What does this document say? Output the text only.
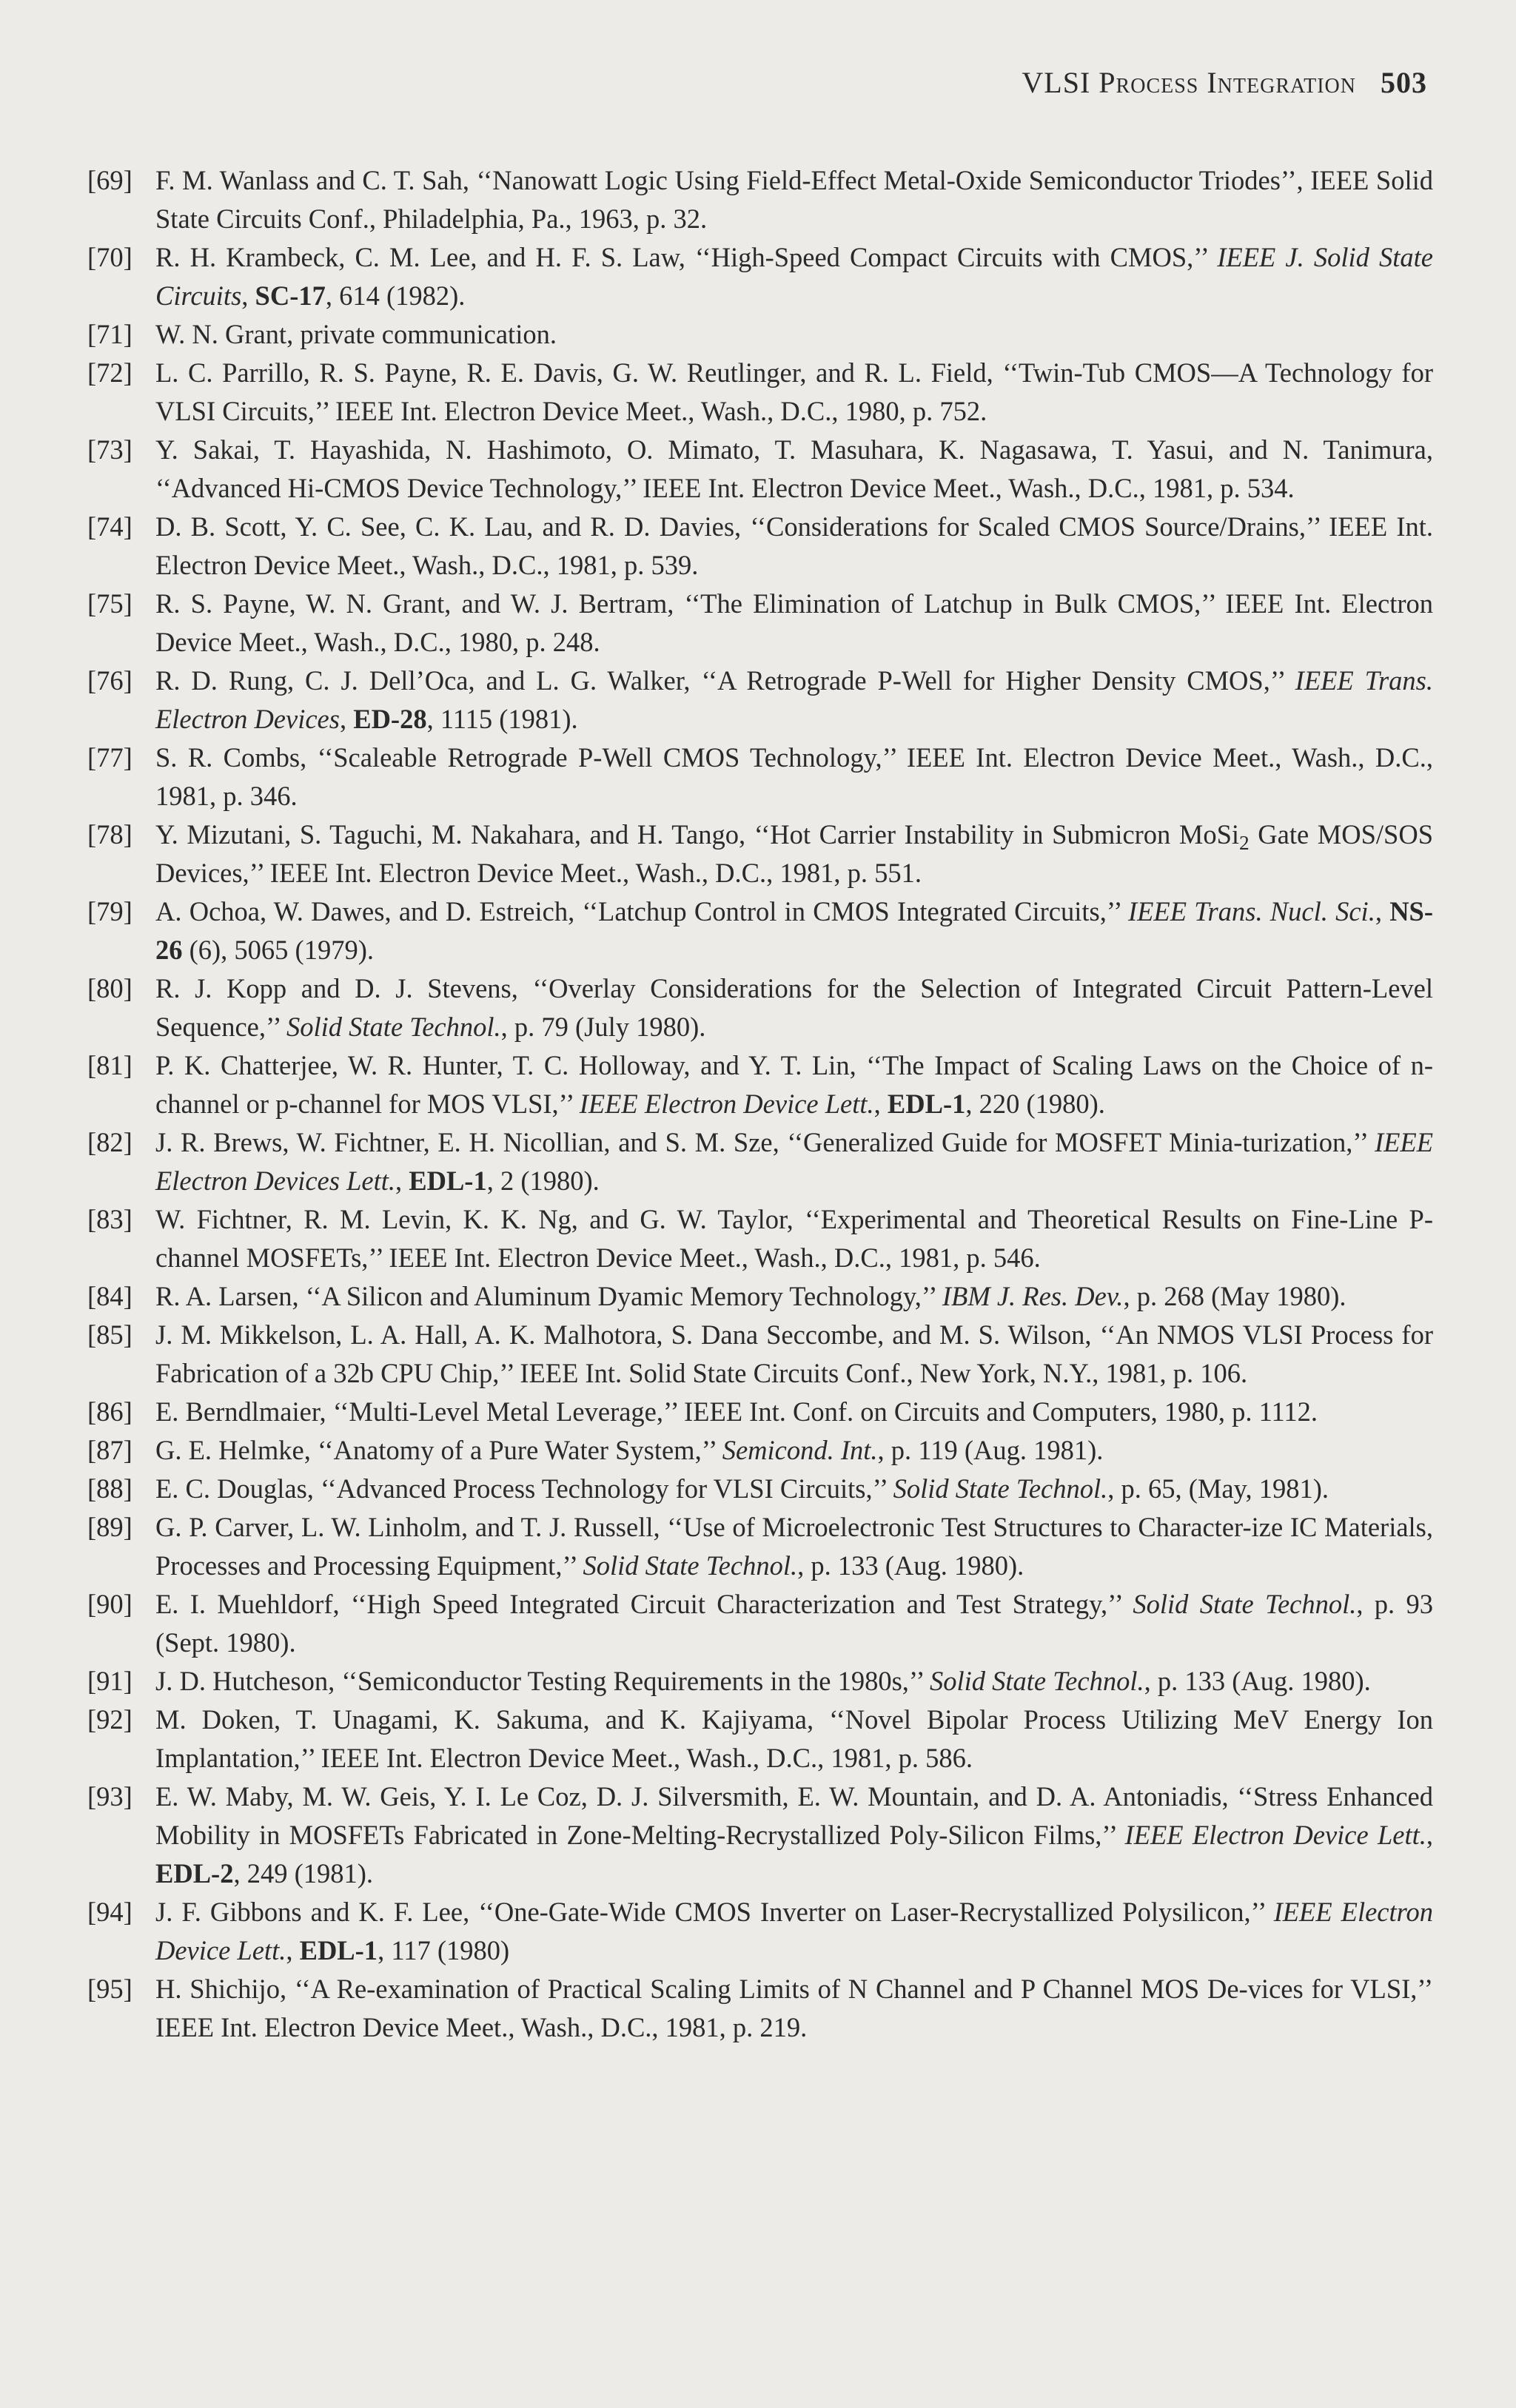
VLSI Process Integration 503
[69] F. M. Wanlass and C. T. Sah, ‘‘Nanowatt Logic Using Field-Effect Metal-Oxide Semiconductor Triodes’’, IEEE Solid State Circuits Conf., Philadelphia, Pa., 1963, p. 32.
[70] R. H. Krambeck, C. M. Lee, and H. F. S. Law, ‘‘High-Speed Compact Circuits with CMOS,’’ IEEE J. Solid State Circuits, SC-17, 614 (1982).
[71] W. N. Grant, private communication.
[72] L. C. Parrillo, R. S. Payne, R. E. Davis, G. W. Reutlinger, and R. L. Field, ‘‘Twin-Tub CMOS—A Technology for VLSI Circuits,’’ IEEE Int. Electron Device Meet., Wash., D.C., 1980, p. 752.
[73] Y. Sakai, T. Hayashida, N. Hashimoto, O. Mimato, T. Masuhara, K. Nagasawa, T. Yasui, and N. Tanimura, ‘‘Advanced Hi-CMOS Device Technology,’’ IEEE Int. Electron Device Meet., Wash., D.C., 1981, p. 534.
[74] D. B. Scott, Y. C. See, C. K. Lau, and R. D. Davies, ‘‘Considerations for Scaled CMOS Source/Drains,’’ IEEE Int. Electron Device Meet., Wash., D.C., 1981, p. 539.
[75] R. S. Payne, W. N. Grant, and W. J. Bertram, ‘‘The Elimination of Latchup in Bulk CMOS,’’ IEEE Int. Electron Device Meet., Wash., D.C., 1980, p. 248.
[76] R. D. Rung, C. J. Dell’Oca, and L. G. Walker, ‘‘A Retrograde P-Well for Higher Density CMOS,’’ IEEE Trans. Electron Devices, ED-28, 1115 (1981).
[77] S. R. Combs, ‘‘Scaleable Retrograde P-Well CMOS Technology,’’ IEEE Int. Electron Device Meet., Wash., D.C., 1981, p. 346.
[78] Y. Mizutani, S. Taguchi, M. Nakahara, and H. Tango, ‘‘Hot Carrier Instability in Submicron MoSi$_2$ Gate MOS/SOS Devices,’’ IEEE Int. Electron Device Meet., Wash., D.C., 1981, p. 551.
[79] A. Ochoa, W. Dawes, and D. Estreich, ‘‘Latchup Control in CMOS Integrated Circuits,’’ IEEE Trans. Nucl. Sci., NS-26 (6), 5065 (1979).
[80] R. J. Kopp and D. J. Stevens, ‘‘Overlay Considerations for the Selection of Integrated Circuit Pattern-Level Sequence,’’ Solid State Technol., p. 79 (July 1980).
[81] P. K. Chatterjee, W. R. Hunter, T. C. Holloway, and Y. T. Lin, ‘‘The Impact of Scaling Laws on the Choice of n-channel or p-channel for MOS VLSI,’’ IEEE Electron Device Lett., EDL-1, 220 (1980).
[82] J. R. Brews, W. Fichtner, E. H. Nicollian, and S. M. Sze, ‘‘Generalized Guide for MOSFET Minia-turization,’’ IEEE Electron Devices Lett., EDL-1, 2 (1980).
[83] W. Fichtner, R. M. Levin, K. K. Ng, and G. W. Taylor, ‘‘Experimental and Theoretical Results on Fine-Line P-channel MOSFETs,’’ IEEE Int. Electron Device Meet., Wash., D.C., 1981, p. 546.
[84] R. A. Larsen, ‘‘A Silicon and Aluminum Dyamic Memory Technology,’’ IBM J. Res. Dev., p. 268 (May 1980).
[85] J. M. Mikkelson, L. A. Hall, A. K. Malhotora, S. Dana Seccombe, and M. S. Wilson, ‘‘An NMOS VLSI Process for Fabrication of a 32b CPU Chip,’’ IEEE Int. Solid State Circuits Conf., New York, N.Y., 1981, p. 106.
[86] E. Berndlmaier, ‘‘Multi-Level Metal Leverage,’’ IEEE Int. Conf. on Circuits and Computers, 1980, p. 1112.
[87] G. E. Helmke, ‘‘Anatomy of a Pure Water System,’’ Semicond. Int., p. 119 (Aug. 1981).
[88] E. C. Douglas, ‘‘Advanced Process Technology for VLSI Circuits,’’ Solid State Technol., p. 65, (May, 1981).
[89] G. P. Carver, L. W. Linholm, and T. J. Russell, ‘‘Use of Microelectronic Test Structures to Character-ize IC Materials, Processes and Processing Equipment,’’ Solid State Technol., p. 133 (Aug. 1980).
[90] E. I. Muehldorf, ‘‘High Speed Integrated Circuit Characterization and Test Strategy,’’ Solid State Technol., p. 93 (Sept. 1980).
[91] J. D. Hutcheson, ‘‘Semiconductor Testing Requirements in the 1980s,’’ Solid State Technol., p. 133 (Aug. 1980).
[92] M. Doken, T. Unagami, K. Sakuma, and K. Kajiyama, ‘‘Novel Bipolar Process Utilizing MeV Energy Ion Implantation,’’ IEEE Int. Electron Device Meet., Wash., D.C., 1981, p. 586.
[93] E. W. Maby, M. W. Geis, Y. I. Le Coz, D. J. Silversmith, E. W. Mountain, and D. A. Antoniadis, ‘‘Stress Enhanced Mobility in MOSFETs Fabricated in Zone-Melting-Recrystallized Poly-Silicon Films,’’ IEEE Electron Device Lett., EDL-2, 249 (1981).
[94] J. F. Gibbons and K. F. Lee, ‘‘One-Gate-Wide CMOS Inverter on Laser-Recrystallized Polysilicon,’’ IEEE Electron Device Lett., EDL-1, 117 (1980)
[95] H. Shichijo, ‘‘A Re-examination of Practical Scaling Limits of N Channel and P Channel MOS De-vices for VLSI,’’ IEEE Int. Electron Device Meet., Wash., D.C., 1981, p. 219.
